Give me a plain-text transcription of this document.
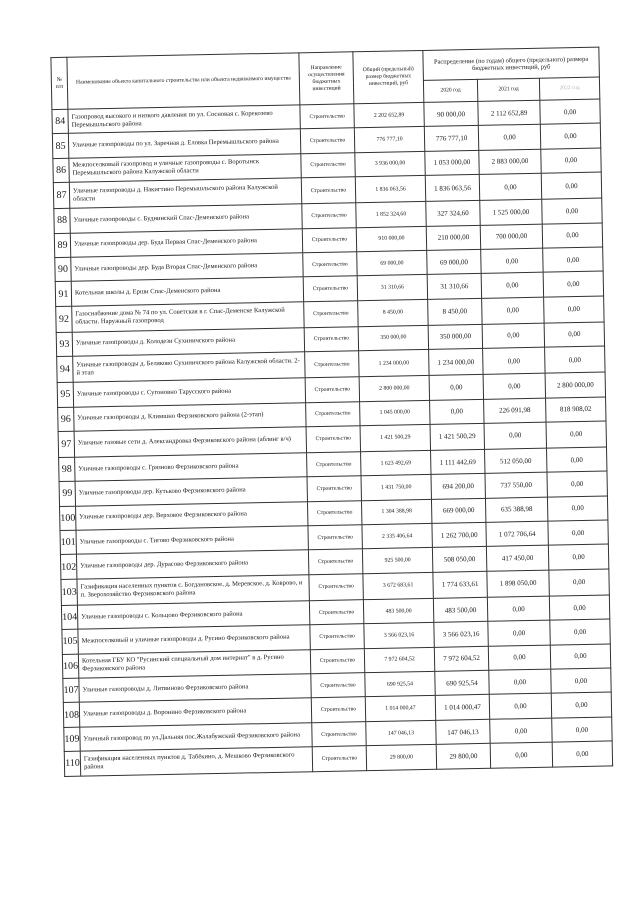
№ п/п	Наименование объекта капитального строительства или объекта недвижимого имущества	Направление осуществления бюджетных инвестиций	Общий (предельный) размер бюджетных инвестиций, руб	Распределение (по годам) общего (предельного) размера бюджетных инвестиций, руб		
				2020 год	2021 год	2022 год
84	Газопровод высокого и низкого давления по ул. Сосновая с. Корекозево Перемышльского района	Строительство	2 202 652,89	90 000,00	2 112 652,89	0,00
85	Уличные газопроводы по ул. Заречная д. Еловка Перемышльского района	Строительство	776 777,10	776 777,10	0,00	0,00
86	Межпоселковый газопровод и уличные газопроводы с. Воротынск Перемышльского района Калужской области	Строительство	3 936 000,00	1 053 000,00	2 883 000,00	0,00
87	Уличные газопроводы д. Накигтино Перемышльского района Калужской области	Строительство	1 836 063,56	1 836 063,56	0,00	0,00
88	Уличные газопроводы с. Буднинский Спас-Деменского района	Строительство	1 852 324,60	327 324,60	1 525 000,00	0,00
89	Уличные газопроводы дер. Буда Первая Спас-Деменского района	Строительство	910 000,00	210 000,00	700 000,00	0,00
90	Уличные газопроводы дер. Буда Вторая Спас-Деменского района	Строительство	69 000,00	69 000,00	0,00	0,00
91	Котельная школы д. Ерши Спас-Деменского района	Строительство	31 310,66	31 310,66	0,00	0,00
92	Газоснабжение дома № 74 по ул. Советская в г. Спас-Деменске Калужской области. Наружный газопровод	Строительство	8 450,00	8 450,00	0,00	0,00
93	Уличные газопроводы д. Колодези Сухиничского района	Строительство	350 000,00	350 000,00	0,00	0,00
94	Уличные газопроводы д. Беляково Сухиничского района Калужской области. 2-й этап	Строительство	1 234 000,00	1 234 000,00	0,00	0,00
95	Уличные газопроводы с. Сугоновно Тарусского района	Строительство	2 800 000,00	0,00	0,00	2 800 000,00
96	Уличные газопроводы д. Климшно Ферзиковского района (2-этап)	Строительство	1 045 000,00	0,00	226 091,98	818 908,02
97	Уличные газовые сети д. Александровка Ферзиковского района (аблинг в/ч)	Строительство	1 421 500,29	1 421 500,29	0,00	0,00
98	Уличные газопроводы с. Грязново Ферзиковского района	Строительство	1 623 492,69	1 111 442,69	512 050,00	0,00
99	Уличные газопроводы дер. Кутьково Ферзиковского района	Строительство	1 431 750,00	694 200,00	737 550,00	0,00
100	Уличные газопроводы дер. Верховое Ферзиковского района	Строительство	1 304 388,98	669 000,00	635 388,98	0,00
101	Уличные газопроводы с. Тигово Ферзиковского района	Строительство	2 335 406,64	1 262 700,00	1 072 706,64	0,00
102	Уличные газопроводы дер. Дурасово Ферзиковского района	Строительство	925 500,00	508 050,00	417 450,00	0,00
103	Газификация населенных пунктов с. Богдановское, д. Меревское, д. Коврово, и п. Зверохозяйство Ферзиковского района	Строительство	3 672 683,61	1 774 633,61	1 898 050,00	0,00
104	Уличные газопроводы с. Кольцово Ферзиковского района	Строительство	483 500,00	483 500,00	0,00	0,00
105	Межпоселковый и уличные газопроводы д. Русино Ферзиковского района	Строительство	3 566 023,16	3 566 023,16	0,00	0,00
106	Котельная ГБУ КО "Русинский специальный дом интернат" в д. Русино Ферзиковского района	Строительство	7 972 604,52	7 972 604,52	0,00	0,00
107	Уличные газопроводы д. Литвиново Ферзиковского района	Строительство	690 925,54	690 925,54	0,00	0,00
108	Уличные газопроводы д. Воронино Ферзиковского района	Строительство	1 014 000,47	1 014 000,47	0,00	0,00
109	Уличный газопровод по ул.Дальняя пос.Жалабужский Ферзиковского района	Строительство	147 046,13	147 046,13	0,00	0,00
110	Газификация населенных пунктов д. Табёкино, д. Мешково Ферзиковского района	Строительство	29 800,00	29 800,00	0,00	0,00
